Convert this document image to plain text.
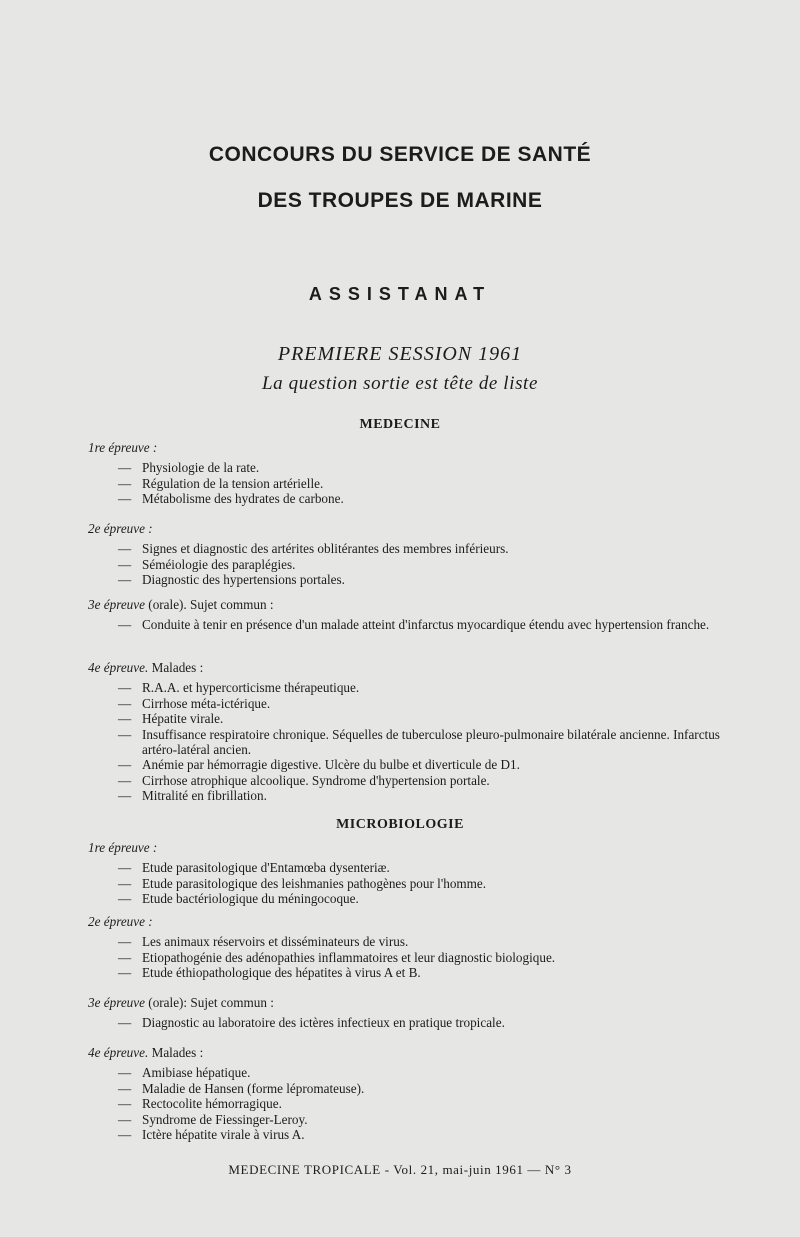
CONCOURS DU SERVICE DE SANTÉ
DES TROUPES DE MARINE
ASSISTANAT
PREMIERE SESSION 1961
La question sortie est tête de liste
MEDECINE
1re épreuve :
— Physiologie de la rate.
— Régulation de la tension artérielle.
— Métabolisme des hydrates de carbone.
2e épreuve :
— Signes et diagnostic des artérites oblitérantes des membres inférieurs.
— Séméiologie des paraplégies.
— Diagnostic des hypertensions portales.
3e épreuve (orale). Sujet commun :
— Conduite à tenir en présence d'un malade atteint d'infarctus myocardique étendu avec hypertension franche.
4e épreuve. Malades :
— R.A.A. et hypercorticisme thérapeutique.
— Cirrhose méta-ictérique.
— Hépatite virale.
— Insuffisance respiratoire chronique. Séquelles de tuberculose pleuro-pulmonaire bilatérale ancienne. Infarctus artéro-latéral ancien.
— Anémie par hémorragie digestive. Ulcère du bulbe et diverticule de D1.
— Cirrhose atrophique alcoolique. Syndrome d'hypertension portale.
— Mitralité en fibrillation.
MICROBIOLOGIE
1re épreuve :
— Etude parasitologique d'Entamœba dysenteriæ.
— Etude parasitologique des leishmanies pathogènes pour l'homme.
— Etude bactériologique du méningocoque.
2e épreuve :
— Les animaux réservoirs et disséminateurs de virus.
— Etiopathogénie des adénopathies inflammatoires et leur diagnostic biologique.
— Etude éthiopathologique des hépatites à virus A et B.
3e épreuve (orale): Sujet commun :
— Diagnostic au laboratoire des ictères infectieux en pratique tropicale.
4e épreuve. Malades :
— Amibiase hépatique.
— Maladie de Hansen (forme lépromateuse).
— Rectocolite hémorragique.
— Syndrome de Fiessinger-Leroy.
— Ictère hépatite virale à virus A.
MEDECINE TROPICALE - Vol. 21, mai-juin 1961 — N° 3
